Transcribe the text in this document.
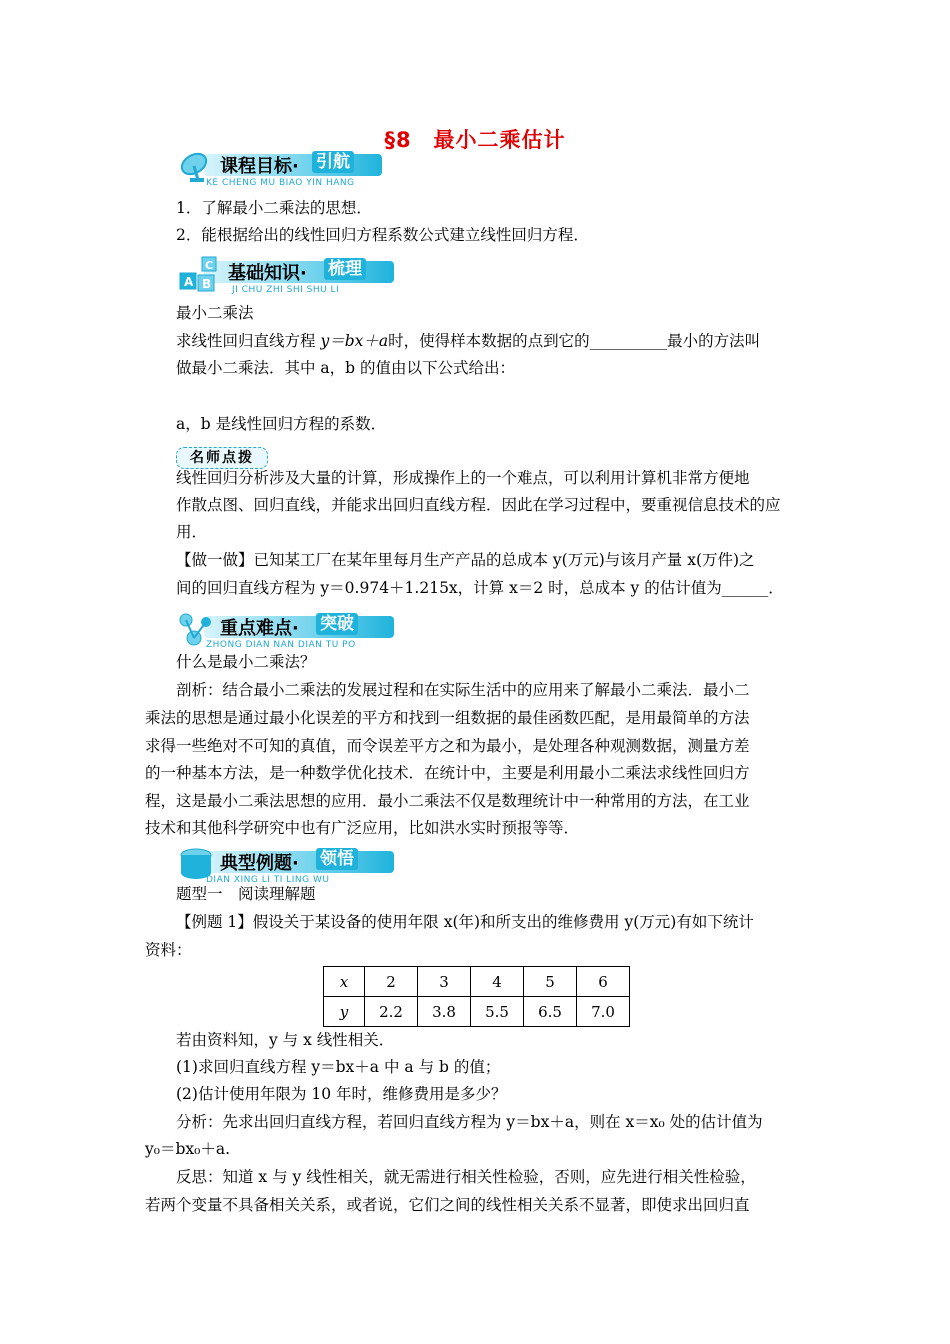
§8　最小二乘估计
课程目标· 引航
KE CHENG MU BIAO YIN HANG
1．了解最小二乘法的思想．
2．能根据给出的线性回归方程系数公式建立线性回归方程．
C
A B 基础知识· 梳理
JI CHU ZHI SHI SHU LI
最小二乘法
求线性回归直线方程 y＝bx＋a时，使得样本数据的点到它的__________最小的方法叫
做最小二乘法．其中 a，b 的值由以下公式给出：
a，b 是线性回归方程的系数．
名师点拨
线性回归分析涉及大量的计算，形成操作上的一个难点，可以利用计算机非常方便地
作散点图、回归直线，并能求出回归直线方程．因此在学习过程中，要重视信息技术的应
用．
【做一做】已知某工厂在某年里每月生产产品的总成本 y(万元)与该月产量 x(万件)之
间的回归直线方程为 y＝0.974＋1.215x，计算 x＝2 时，总成本 y 的估计值为______．
重点难点· 突破
ZHONG DIAN NAN DIAN TU PO
什么是最小二乘法？
剖析：结合最小二乘法的发展过程和在实际生活中的应用来了解最小二乘法．最小二
乘法的思想是通过最小化误差的平方和找到一组数据的最佳函数匹配，是用最简单的方法
求得一些绝对不可知的真值，而令误差平方之和为最小，是处理各种观测数据，测量方差
的一种基本方法，是一种数学优化技术．在统计中，主要是利用最小二乘法求线性回归方
程，这是最小二乘法思想的应用．最小二乘法不仅是数理统计中一种常用的方法，在工业
技术和其他科学研究中也有广泛应用，比如洪水实时预报等等．
典型例题· 领悟
DIAN XING LI TI LING WU
题型一　阅读理解题
【例题 1】假设关于某设备的使用年限 x(年)和所支出的维修费用 y(万元)有如下统计
资料：
x	2	3	4	5	6
y	2.2	3.8	5.5	6.5	7.0
若由资料知，y 与 x 线性相关．
(1)求回归直线方程 y＝bx＋a 中 a 与 b 的值；
(2)估计使用年限为 10 年时，维修费用是多少？
分析：先求出回归直线方程，若回归直线方程为 y＝bx＋a，则在 x＝x₀ 处的估计值为
y₀＝bx₀＋a.
反思：知道 x 与 y 线性相关，就无需进行相关性检验，否则，应先进行相关性检验，
若两个变量不具备相关关系，或者说，它们之间的线性相关关系不显著，即使求出回归直
